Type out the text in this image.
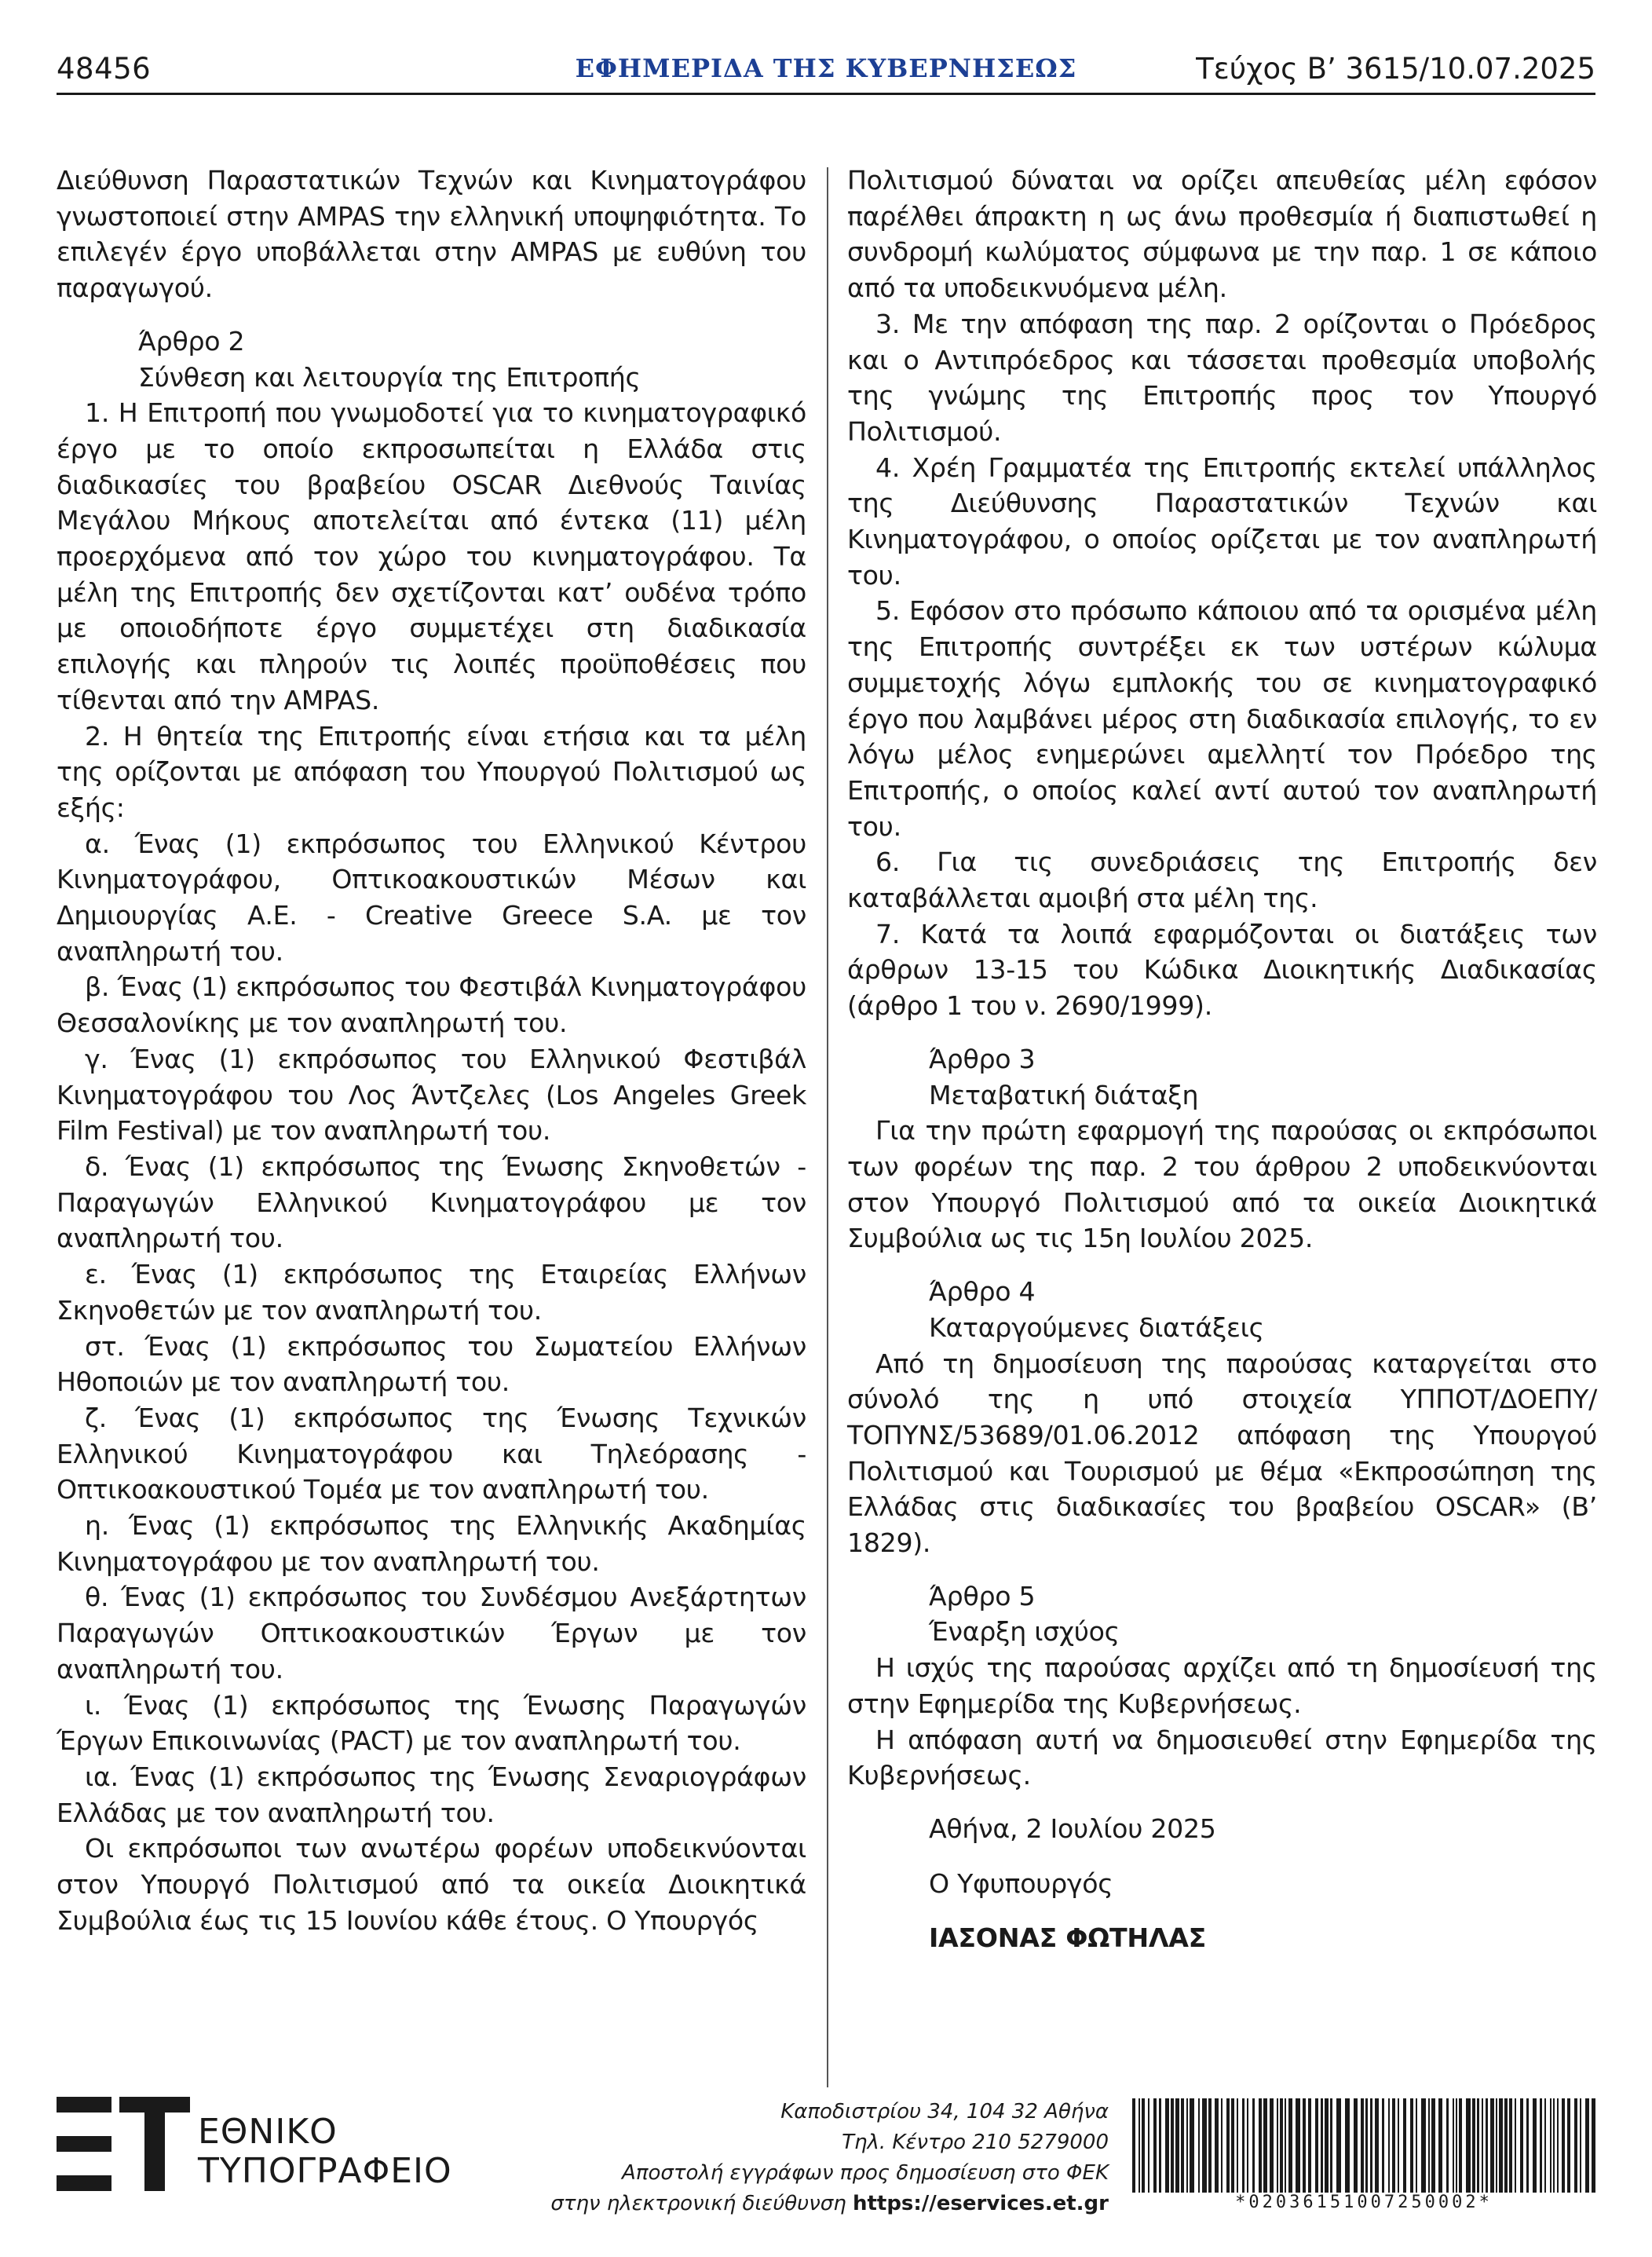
48456	ΕΦΗΜΕΡΙΔΑ ΤΗΣ ΚΥΒΕΡΝΗΣΕΩΣ	Τεύχος Β’ 3615/10.07.2025

Διεύθυνση Παραστατικών Τεχνών και Κινηματογράφου γνωστοποιεί στην AMPAS την ελληνική υποψηφιότητα. Το επιλεγέν έργο υποβάλλεται στην AMPAS με ευθύνη του παραγωγού.

Άρθρο 2

Σύνθεση και λειτουργία της Επιτροπής

1. Η Επιτροπή που γνωμοδοτεί για το κινηματογραφικό έργο με το οποίο εκπροσωπείται η Ελλάδα στις διαδικασίες του βραβείου OSCAR Διεθνούς Ταινίας Μεγάλου Μήκους αποτελείται από έντεκα (11) μέλη προερχόμενα από τον χώρο του κινηματογράφου. Τα μέλη της Επιτροπής δεν σχετίζονται κατ’ ουδένα τρόπο με οποιοδήποτε έργο συμμετέχει στη διαδικασία επιλογής και πληρούν τις λοιπές προϋποθέσεις που τίθενται από την AMPAS.

2. Η θητεία της Επιτροπής είναι ετήσια και τα μέλη της ορίζονται με απόφαση του Υπουργού Πολιτισμού ως εξής:

α. Ένας (1) εκπρόσωπος του Ελληνικού Κέντρου Κινηματογράφου, Οπτικοακουστικών Μέσων και Δημιουργίας Α.Ε. - Creative Greece S.A. με τον αναπληρωτή του.

β. Ένας (1) εκπρόσωπος του Φεστιβάλ Κινηματογράφου Θεσσαλονίκης με τον αναπληρωτή του.

γ. Ένας (1) εκπρόσωπος του Ελληνικού Φεστιβάλ Κινηματογράφου του Λος Άντζελες (Los Angeles Greek Film Festival) με τον αναπληρωτή του.

δ. Ένας (1) εκπρόσωπος της Ένωσης Σκηνοθετών - Παραγωγών Ελληνικού Κινηματογράφου με τον αναπληρωτή του.

ε. Ένας (1) εκπρόσωπος της Εταιρείας Ελλήνων Σκηνοθετών με τον αναπληρωτή του.

στ. Ένας (1) εκπρόσωπος του Σωματείου Ελλήνων Ηθοποιών με τον αναπληρωτή του.

ζ. Ένας (1) εκπρόσωπος της Ένωσης Τεχνικών Ελληνικού Κινηματογράφου και Τηλεόρασης - Οπτικοακουστικού Τομέα με τον αναπληρωτή του.

η. Ένας (1) εκπρόσωπος της Ελληνικής Ακαδημίας Κινηματογράφου με τον αναπληρωτή του.

θ. Ένας (1) εκπρόσωπος του Συνδέσμου Ανεξάρτητων Παραγωγών Οπτικοακουστικών Έργων με τον αναπληρωτή του.

ι. Ένας (1) εκπρόσωπος της Ένωσης Παραγωγών Έργων Επικοινωνίας (PACT) με τον αναπληρωτή του.

ια. Ένας (1) εκπρόσωπος της Ένωσης Σεναριογράφων Ελλάδας με τον αναπληρωτή του.

Οι εκπρόσωποι των ανωτέρω φορέων υποδεικνύονται στον Υπουργό Πολιτισμού από τα οικεία Διοικητικά Συμβούλια έως τις 15 Ιουνίου κάθε έτους. Ο Υπουργός

Πολιτισμού δύναται να ορίζει απευθείας μέλη εφόσον παρέλθει άπρακτη η ως άνω προθεσμία ή διαπιστωθεί η συνδρομή κωλύματος σύμφωνα με την παρ. 1 σε κάποιο από τα υποδεικνυόμενα μέλη.

3. Με την απόφαση της παρ. 2 ορίζονται ο Πρόεδρος και ο Αντιπρόεδρος και τάσσεται προθεσμία υποβολής της γνώμης της Επιτροπής προς τον Υπουργό Πολιτισμού.

4. Χρέη Γραμματέα της Επιτροπής εκτελεί υπάλληλος της Διεύθυνσης Παραστατικών Τεχνών και Κινηματογράφου, ο οποίος ορίζεται με τον αναπληρωτή του.

5. Εφόσον στο πρόσωπο κάποιου από τα ορισμένα μέλη της Επιτροπής συντρέξει εκ των υστέρων κώλυμα συμμετοχής λόγω εμπλοκής του σε κινηματογραφικό έργο που λαμβάνει μέρος στη διαδικασία επιλογής, το εν λόγω μέλος ενημερώνει αμελλητί τον Πρόεδρο της Επιτροπής, ο οποίος καλεί αντί αυτού τον αναπληρωτή του.

6. Για τις συνεδριάσεις της Επιτροπής δεν καταβάλλεται αμοιβή στα μέλη της.

7. Κατά τα λοιπά εφαρμόζονται οι διατάξεις των άρθρων 13-15 του Κώδικα Διοικητικής Διαδικασίας (άρθρο 1 του ν. 2690/1999).

Άρθρο 3

Μεταβατική διάταξη

Για την πρώτη εφαρμογή της παρούσας οι εκπρόσωποι των φορέων της παρ. 2 του άρθρου 2 υποδεικνύονται στον Υπουργό Πολιτισμού από τα οικεία Διοικητικά Συμβούλια ως τις 15η Ιουλίου 2025.

Άρθρο 4

Καταργούμενες διατάξεις

Από τη δημοσίευση της παρούσας καταργείται στο σύνολό της η υπό στοιχεία ΥΠΠΟΤ/ΔΟΕΠΥ/ΤΟΠΥΝΣ/53689/01.06.2012 απόφαση της Υπουργού Πολιτισμού και Τουρισμού με θέμα «Εκπροσώπηση της Ελλάδας στις διαδικασίες του βραβείου OSCAR» (Β’ 1829).

Άρθρο 5

Έναρξη ισχύος

Η ισχύς της παρούσας αρχίζει από τη δημοσίευσή της στην Εφημερίδα της Κυβερνήσεως.

Η απόφαση αυτή να δημοσιευθεί στην Εφημερίδα της Κυβερνήσεως.

Αθήνα, 2 Ιουλίου 2025

Ο Υφυπουργός

ΙΑΣΟΝΑΣ ΦΩΤΗΛΑΣ

ΕΘΝΙΚΟ
ΤΥΠΟΓΡΑΦΕΙΟ
Καποδιστρίου 34, 104 32 Αθήνα
Τηλ. Κέντρο 210 5279000
Αποστολή εγγράφων προς δημοσίευση στο ΦΕΚ
στην ηλεκτρονική διεύθυνση https://eservices.et.gr	*02036151007250002*
